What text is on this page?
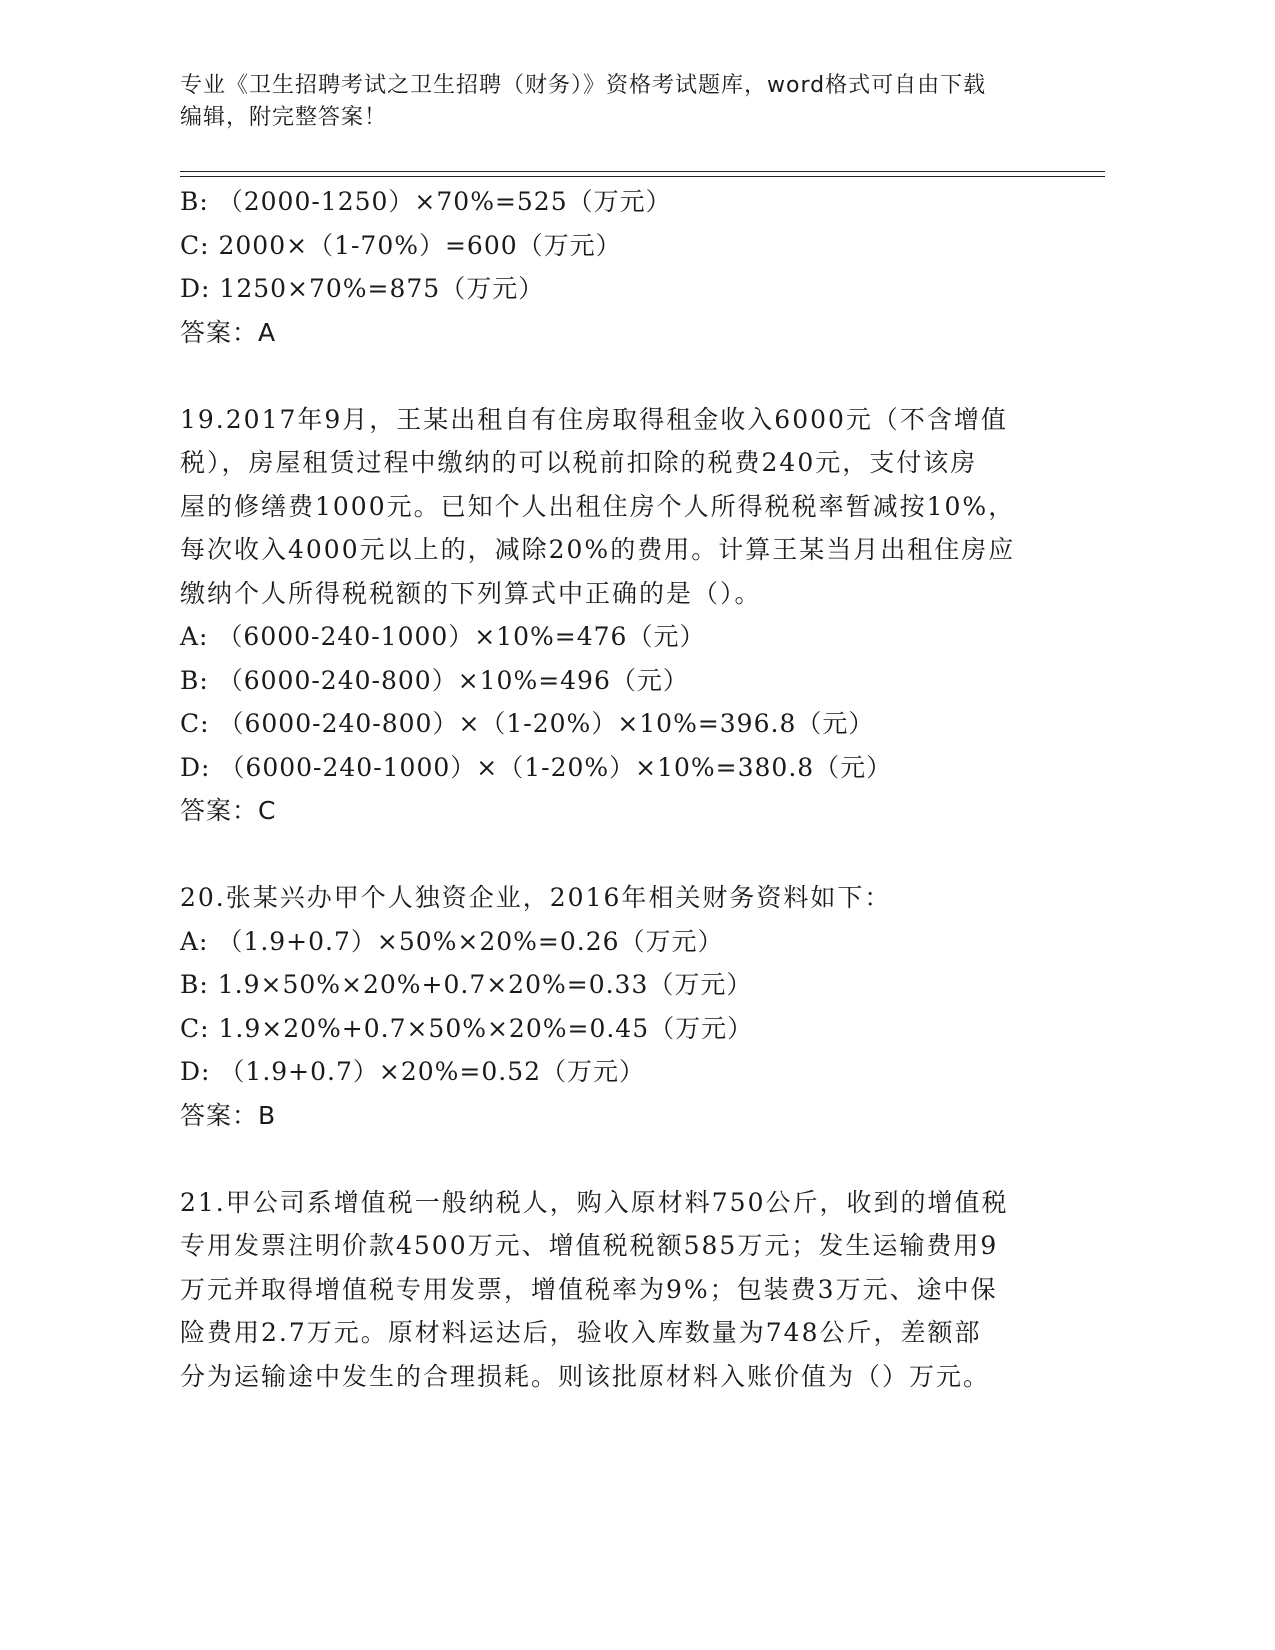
专业《卫生招聘考试之卫生招聘（财务）》资格考试题库，word格式可自由下载
编辑，附完整答案！
B: （2000-1250）×70%=525（万元）
C: 2000×（1-70%）=600（万元）
D: 1250×70%=875（万元）
答案：A
19.2017年9月，王某出租自有住房取得租金收入6000元（不含增值
税），房屋租赁过程中缴纳的可以税前扣除的税费240元，支付该房
屋的修缮费1000元。已知个人出租住房个人所得税税率暂减按10%，
每次收入4000元以上的，减除20%的费用。计算王某当月出租住房应
缴纳个人所得税税额的下列算式中正确的是（）。
A: （6000-240-1000）×10%=476（元）
B: （6000-240-800）×10%=496（元）
C: （6000-240-800）×（1-20%）×10%=396.8（元）
D: （6000-240-1000）×（1-20%）×10%=380.8（元）
答案：C
20.张某兴办甲个人独资企业，2016年相关财务资料如下：
A: （1.9+0.7）×50%×20%=0.26（万元）
B: 1.9×50%×20%+0.7×20%=0.33（万元）
C: 1.9×20%+0.7×50%×20%=0.45（万元）
D: （1.9+0.7）×20%=0.52（万元）
答案：B
21.甲公司系增值税一般纳税人，购入原材料750公斤，收到的增值税
专用发票注明价款4500万元、增值税税额585万元；发生运输费用9
万元并取得增值税专用发票，增值税率为9%；包装费3万元、途中保
险费用2.7万元。原材料运达后，验收入库数量为748公斤，差额部
分为运输途中发生的合理损耗。则该批原材料入账价值为（）万元。
